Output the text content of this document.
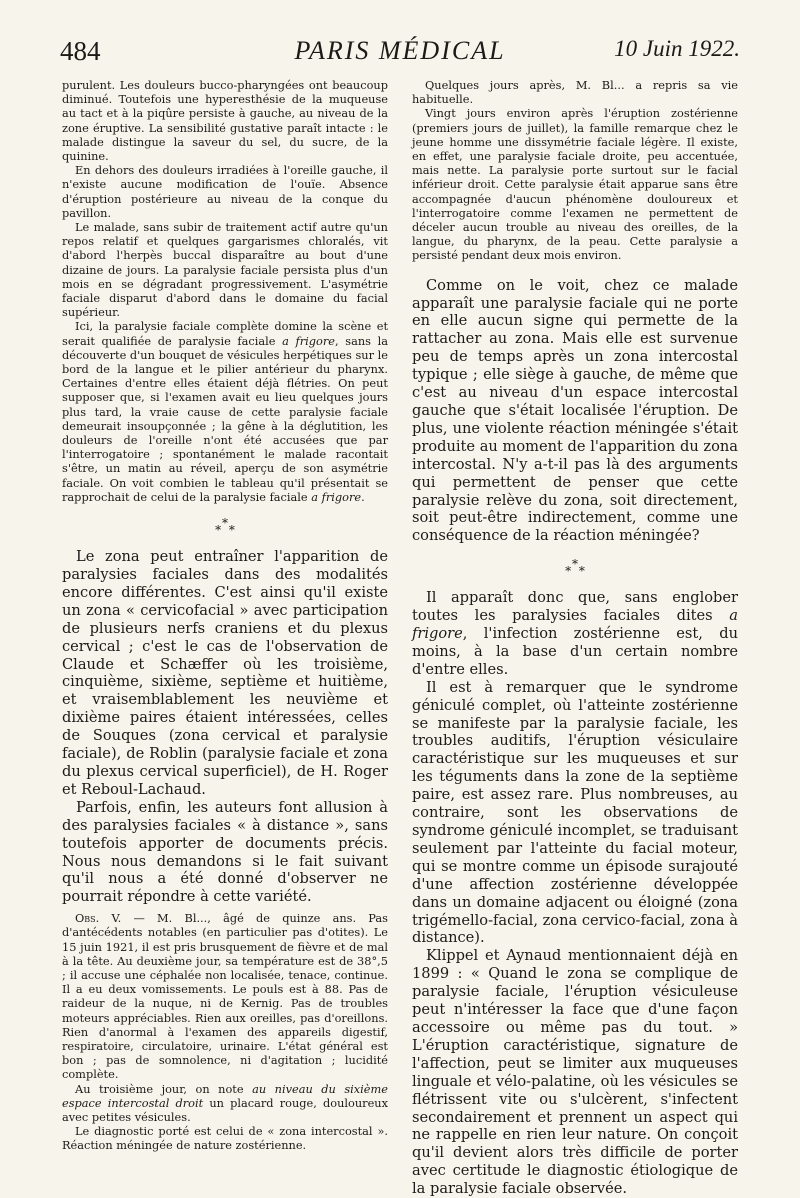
484	PARIS MÉDICAL	10 Juin 1922.

purulent. Les douleurs bucco-pharyngées ont beaucoup diminué. Toutefois une hyperesthésie de la muqueuse au tact et à la piqûre persiste à gauche, au niveau de la zone éruptive. La sensibilité gustative paraît intacte : le malade distingue la saveur du sel, du sucre, de la quinine.

En dehors des douleurs irradiées à l'oreille gauche, il n'existe aucune modification de l'ouïe. Absence d'éruption postérieure au niveau de la conque du pavillon.

Le malade, sans subir de traitement actif autre qu'un repos relatif et quelques gargarismes chloralés, vit d'abord l'herpès buccal disparaître au bout d'une dizaine de jours. La paralysie faciale persista plus d'un mois en se dégradant progressivement. L'asymétrie faciale disparut d'abord dans le domaine du facial supérieur.

Ici, la paralysie faciale complète domine la scène et serait qualifiée de paralysie faciale a frigore, sans la découverte d'un bouquet de vésicules herpétiques sur le bord de la langue et le pilier antérieur du pharynx. Certaines d'entre elles étaient déjà flétries. On peut supposer que, si l'examen avait eu lieu quelques jours plus tard, la vraie cause de cette paralysie faciale demeurait insoupçonnée ; la gêne à la déglutition, les douleurs de l'oreille n'ont été accusées que par l'interrogatoire ; spontanément le malade racontait s'être, un matin au réveil, aperçu de son asymétrie faciale. On voit combien le tableau qu'il présentait se rapprochait de celui de la paralysie faciale a frigore.

*
* *

Le zona peut entraîner l'apparition de paralysies faciales dans des modalités encore différentes. C'est ainsi qu'il existe un zona « cervicofacial » avec participation de plusieurs nerfs craniens et du plexus cervical ; c'est le cas de l'observation de Claude et Schæffer où les troisième, cinquième, sixième, septième et huitième, et vraisemblablement les neuvième et dixième paires étaient intéressées, celles de Souques (zona cervical et paralysie faciale), de Roblin (paralysie faciale et zona du plexus cervical superficiel), de H. Roger et Reboul-Lachaud.

Parfois, enfin, les auteurs font allusion à des paralysies faciales « à distance », sans toutefois apporter de documents précis. Nous nous demandons si le fait suivant qu'il nous a été donné d'observer ne pourrait répondre à cette variété.

Obs. V. — M. Bl..., âgé de quinze ans. Pas d'antécédents notables (en particulier pas d'otites). Le 15 juin 1921, il est pris brusquement de fièvre et de mal à la tête. Au deuxième jour, sa température est de 38°,5 ; il accuse une céphalée non localisée, tenace, continue. Il a eu deux vomissements. Le pouls est à 88. Pas de raideur de la nuque, ni de Kernig. Pas de troubles moteurs appréciables. Rien aux oreilles, pas d'oreillons. Rien d'anormal à l'examen des appareils digestif, respiratoire, circulatoire, urinaire. L'état général est bon ; pas de somnolence, ni d'agitation ; lucidité complète.

Au troisième jour, on note au niveau du sixième espace intercostal droit un placard rouge, douloureux avec petites vésicules.

Le diagnostic porté est celui de « zona intercostal ». Réaction méningée de nature zostérienne.

Quelques jours après, M. Bl... a repris sa vie habituelle.

Vingt jours environ après l'éruption zostérienne (premiers jours de juillet), la famille remarque chez le jeune homme une dissymétrie faciale légère. Il existe, en effet, une paralysie faciale droite, peu accentuée, mais nette. La paralysie porte surtout sur le facial inférieur droit. Cette paralysie était apparue sans être accompagnée d'aucun phénomène douloureux et l'interrogatoire comme l'examen ne permettent de déceler aucun trouble au niveau des oreilles, de la langue, du pharynx, de la peau. Cette paralysie a persisté pendant deux mois environ.

Comme on le voit, chez ce malade apparaît une paralysie faciale qui ne porte en elle aucun signe qui permette de la rattacher au zona. Mais elle est survenue peu de temps après un zona intercostal typique ; elle siège à gauche, de même que c'est au niveau d'un espace intercostal gauche que s'était localisée l'éruption. De plus, une violente réaction méningée s'était produite au moment de l'apparition du zona intercostal. N'y a-t-il pas là des arguments qui permettent de penser que cette paralysie relève du zona, soit directement, soit peut-être indirectement, comme une conséquence de la réaction méningée?

*
* *

Il apparaît donc que, sans englober toutes les paralysies faciales dites a frigore, l'infection zostérienne est, du moins, à la base d'un certain nombre d'entre elles.

Il est à remarquer que le syndrome géniculé complet, où l'atteinte zostérienne se manifeste par la paralysie faciale, les troubles auditifs, l'éruption vésiculaire caractéristique sur les muqueuses et sur les téguments dans la zone de la septième paire, est assez rare. Plus nombreuses, au contraire, sont les observations de syndrome géniculé incomplet, se traduisant seulement par l'atteinte du facial moteur, qui se montre comme un épisode surajouté d'une affection zostérienne développée dans un domaine adjacent ou éloigné (zona trigémello-facial, zona cervico-facial, zona à distance).

Klippel et Aynaud mentionnaient déjà en 1899 : « Quand le zona se complique de paralysie faciale, l'éruption vésiculeuse peut n'intéresser la face que d'une façon accessoire ou même pas du tout. » L'éruption caractéristique, signature de l'affection, peut se limiter aux muqueuses linguale et vélo-palatine, où les vésicules se flétrissent vite ou s'ulcèrent, s'infectent secondairement et prennent un aspect qui ne rappelle en rien leur nature. On conçoit qu'il devient alors très difficile de porter avec certitude le diagnostic étiologique de la paralysie faciale observée.
